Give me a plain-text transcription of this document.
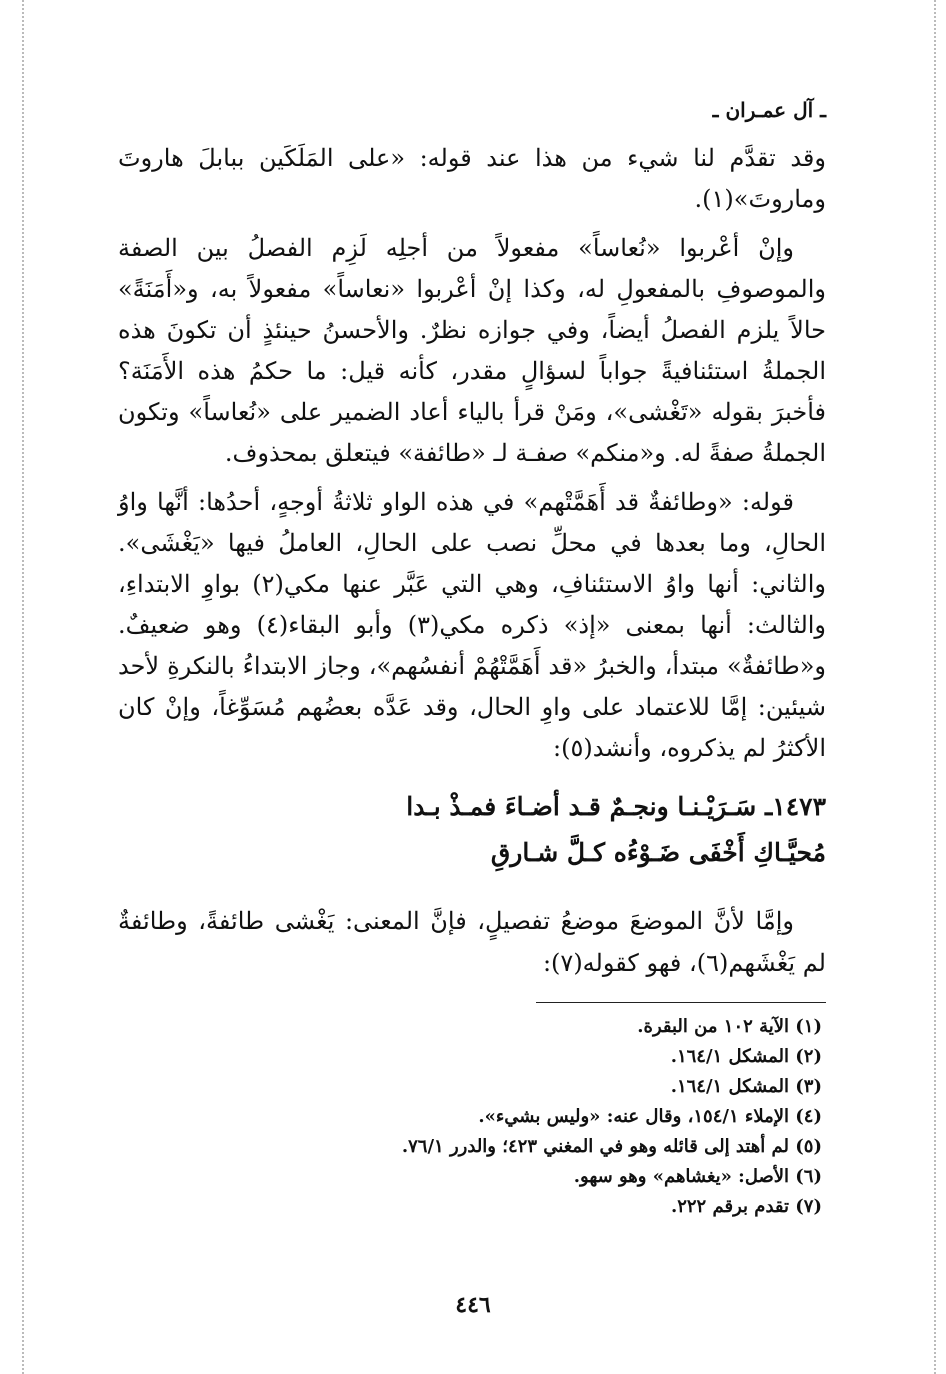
ـ آل عمـران ـ

وقد تقدَّم لنا شيء من هذا عند قوله: «على المَلَكَين ببابلَ هاروتَ وماروتَ»(١).

وإنْ أعْربوا «نُعاساً» مفعولاً من أجلِه لَزِم الفصلُ بين الصفة والموصوفِ بالمفعولِ له، وكذا إنْ أعْربوا «نعاساً» مفعولاً به، و«أَمَنَةً» حالاً يلزم الفصلُ أيضاً، وفي جوازه نظرٌ. والأحسنُ حينئذٍ أن تكونَ هذه الجملةُ استئنافيةً جواباً لسؤالٍ مقدر، كأنه قيل: ما حكمُ هذه الأَمَنَة؟ فأخبرَ بقوله «تَغْشى»، ومَنْ قرأ بالياء أعاد الضمير على «نُعاساً» وتكون الجملةُ صفةً له. و«منكم» صفـة لـ «طائفة» فيتعلق بمحذوف.

قوله: «وطائفةٌ قد أَهَمَّتْهم» في هذه الواو ثلاثةُ أوجهٍ، أحدُها: أنَّها واوُ الحالِ، وما بعدها في محلِّ نصب على الحالِ، العاملُ فيها «يَغْشَى». والثاني: أنها واوُ الاستئنافِ، وهي التي عَبَّر عنها مكي(٢) بواوِ الابتداءِ، والثالث: أنها بمعنى «إذ» ذكره مكي(٣) وأبو البقاء(٤) وهو ضعيفٌ. و«طائفةٌ» مبتدأ، والخبرُ «قد أَهَمَّتْهُمْ أنفسُهم»، وجاز الابتداءُ بالنكرةِ لأحد شيئين: إمَّا للاعتماد على واوِ الحال، وقد عَدَّه بعضُهم مُسَوِّغاً، وإنْ كان الأكثرُ لم يذكروه، وأنشد(٥):

١٤٧٣ـ سَـرَيْـنـا ونجـمٌ قـد أضـاءَ فمـذْ بـدا
مُحيَّـاكِ أَخْفَى ضَـوْءُه كـلَّ شـارقِ
وإمَّا لأنَّ الموضعَ موضعُ تفصيلٍ، فإنَّ المعنى: يَغْشى طائفةً، وطائفةٌ لم يَغْشَهم(٦)، فهو كقوله(٧):
(١) الآية ١٠٢ من البقرة.
(٢) المشكل ١٦٤/١.
(٣) المشكل ١٦٤/١.
(٤) الإملاء ١٥٤/١، وقال عنه: «وليس بشيء».
(٥) لم أهتد إلى قائله وهو في المغني ٤٢٣؛ والدرر ٧٦/١.
(٦) الأصل: «يغشاهم» وهو سهو.
(٧) تقدم برقم ٢٢٢.
٤٤٦
